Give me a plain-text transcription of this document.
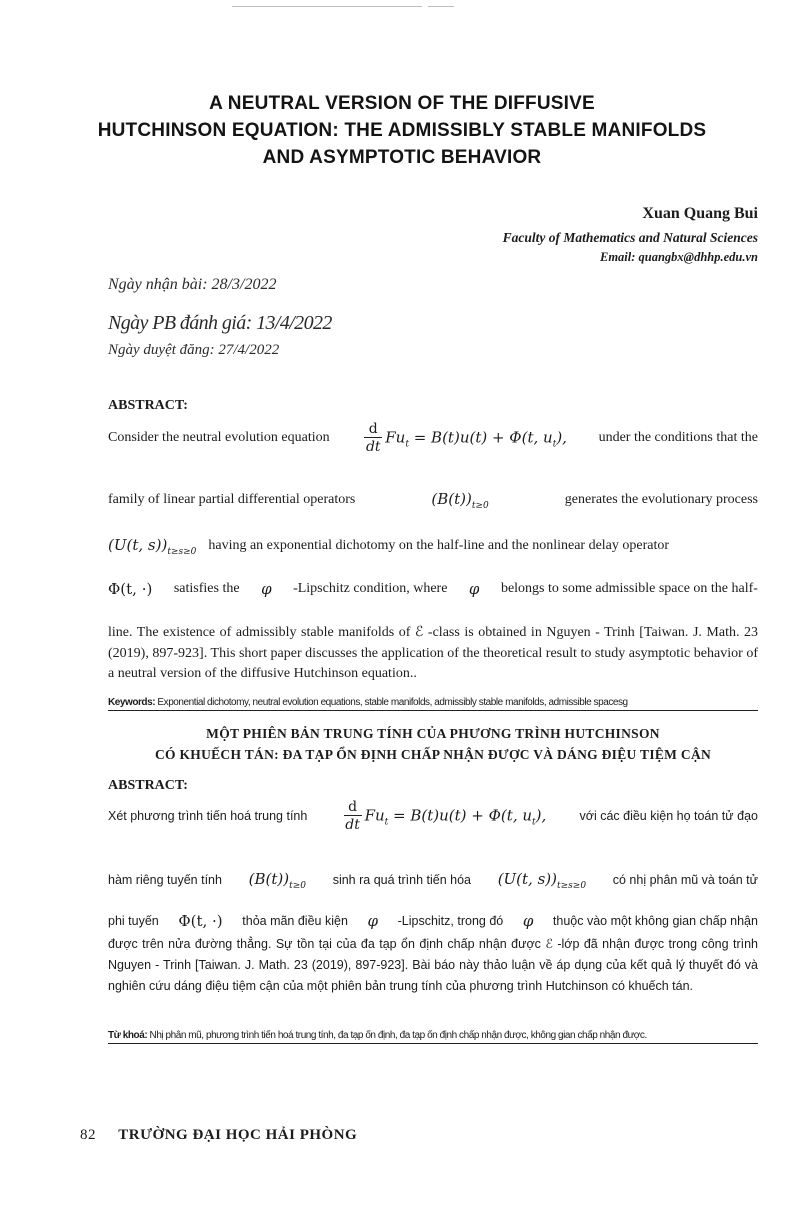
A NEUTRAL VERSION OF THE DIFFUSIVE
HUTCHINSON EQUATION: THE ADMISSIBLY STABLE MANIFOLDS
AND ASYMPTOTIC BEHAVIOR
Xuan Quang Bui
Faculty of Mathematics and Natural Sciences
Email: quangbx@dhhp.edu.vn
Ngày nhận bài: 28/3/2022
Ngày PB đánh giá: 13/4/2022
Ngày duyệt đăng: 27/4/2022
ABSTRACT:
Consider the neutral evolution equation $\frac{d}{dt} Fu_t = B(t)u(t) + \Phi(t$, $u_t$), under the conditions that the
family of linear partial differential operators	$(B(t))_{t\ge 0}$	generates the evolutionary process
(U(t, $s))_{t\ge s\ge 0}$ having an exponential dichotomy on the half-line and the nonlinear delay operator
Φ(t, ·) satisfies the φ -Lipschitz condition, where φ belongs to some admissible space on the half-
line. The existence of admissibly stable manifolds of ℰ -class is obtained in Nguyen - Trinh [Taiwan. J. Math. 23 (2019), 897-923]. This short paper discusses the application of the theoretical result to study asymptotic behavior of a neutral version of the diffusive Hutchinson equation..
Keywords: Exponential dichotomy, neutral evolution equations, stable manifolds, admissibly stable manifolds, admissible spacesg
MỘT PHIÊN BẢN TRUNG TÍNH CỦA PHƯƠNG TRÌNH HUTCHINSON
CÓ KHUẾCH TÁN: ĐA TẠP ỔN ĐỊNH CHẤP NHẬN ĐƯỢC VÀ DÁNG ĐIỆU TIỆM CẬN
ABSTRACT:
Xét phương trình tiến hoá trung tính	$\frac{d}{dt} Fu_t = B(t)u(t) + \Phi(t$, $u_t$),	với các điều kiện họ toán tử đạo
hàm riêng tuyến tính $(B(t))_{t\ge 0}$ sinh ra quá trình tiến hóa (U(t, $s))_{t\ge s\ge 0}$ có nhị phân mũ và toán tử
phi tuyến Φ(t, ·) thỏa mãn điều kiện φ -Lipschitz, trong đó φ thuộc vào một không gian chấp nhận
được trên nửa đường thẳng. Sự tồn tại của đa tạp ổn định chấp nhận được ℰ -lớp đã nhận được trong công trình Nguyen - Trinh [Taiwan. J. Math. 23 (2019), 897-923]. Bài báo này thảo luận về áp dụng của kết quả lý thuyết đó và nghiên cứu dáng điệu tiệm cận của một phiên bản trung tính của phương trình Hutchinson có khuếch tán.
Từ khoá: Nhị phân mũ, phương trình tiến hoá trung tính, đa tạp ổn định, đa tạp ổn định chấp nhận được, không gian chấp nhận được.
82 TRƯỜNG ĐẠI HỌC HẢI PHÒNG
